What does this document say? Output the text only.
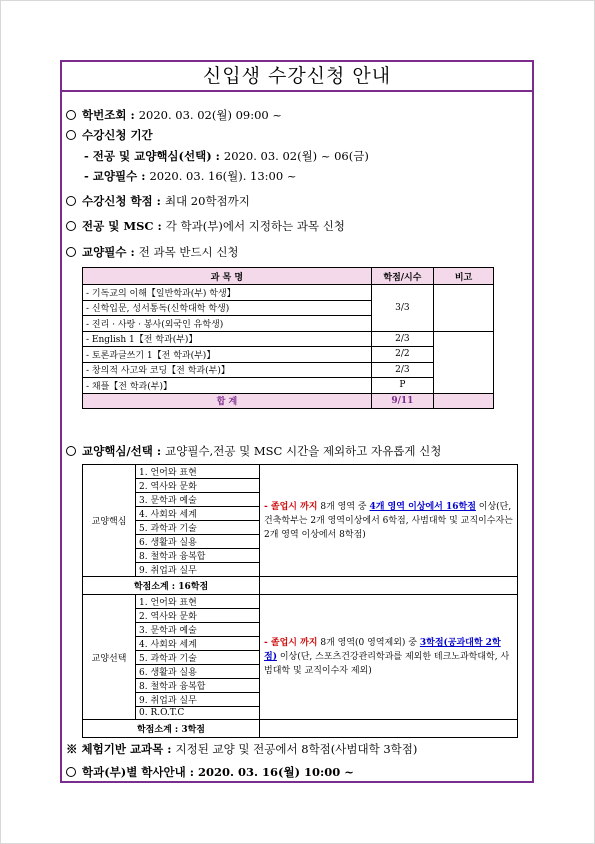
신입생 수강신청 안내
학번조회 : 2020. 03. 02(월) 09:00 ~
수강신청 기간
- 전공 및 교양핵심(선택) : 2020. 03. 02(월) ~ 06(금)
- 교양필수 : 2020. 03. 16(월). 13:00 ~
수강신청 학점 : 최대 20학점까지
전공 및 MSC : 각 학과(부)에서 지정하는 과목 신청
교양필수 : 전 과목 반드시 신청
과 목 명	학점/시수	비고
- 기독교의 이해【일반학과(부) 학생】	3/3	
- 신학입문, 성서통독(신학대학 학생)		
- 진리 · 사랑 · 봉사(외국인 유학생)		
- English 1【전 학과(부)】	2/3	
- 토론과글쓰기 1【전 학과(부)】	2/2	
- 창의적 사고와 코딩【전 학과(부)】	2/3	
- 채플【전 학과(부)】	P	
합 계	9/11	
교양핵심/선택 : 교양필수,전공 및 MSC 시간을 제외하고 자유롭게 신청
교양핵심	1. 언어와 표현	- 졸업시 까지 8개 영역 중 4개 영역 이상에서 16학점 이상(단, 건축학부는 2개 영역이상에서 6학점, 사범대학 및 교직이수자는 2개 영역 이상에서 8학점)
	2. 역사와 문화	
	3. 문학과 예술	
	4. 사회와 세계	
	5. 과학과 기술	
	6. 생활과 실용	
	8. 철학과 융복합	
	9. 취업과 실무	
학점소계 : 16학점		
교양선택	1. 언어와 표현	- 졸업시 까지 8개 영역(0 영역제외) 중 3학점(공과대학 2학점) 이상(단, 스포츠건강관리학과를 제외한 테크노과학대학, 사범대학 및 교직이수자 제외)
	2. 역사와 문화	
	3. 문학과 예술	
	4. 사회와 세계	
	5. 과학과 기술	
	6. 생활과 실용	
	8. 철학과 융복합	
	9. 취업과 실무	
	0. R.O.T.C	
학점소계 : 3학점		
※ 체험기반 교과목 : 지정된 교양 및 전공에서 8학점(사범대학 3학점)
학과(부)별 학사안내 : 2020. 03. 16(월) 10:00 ~
